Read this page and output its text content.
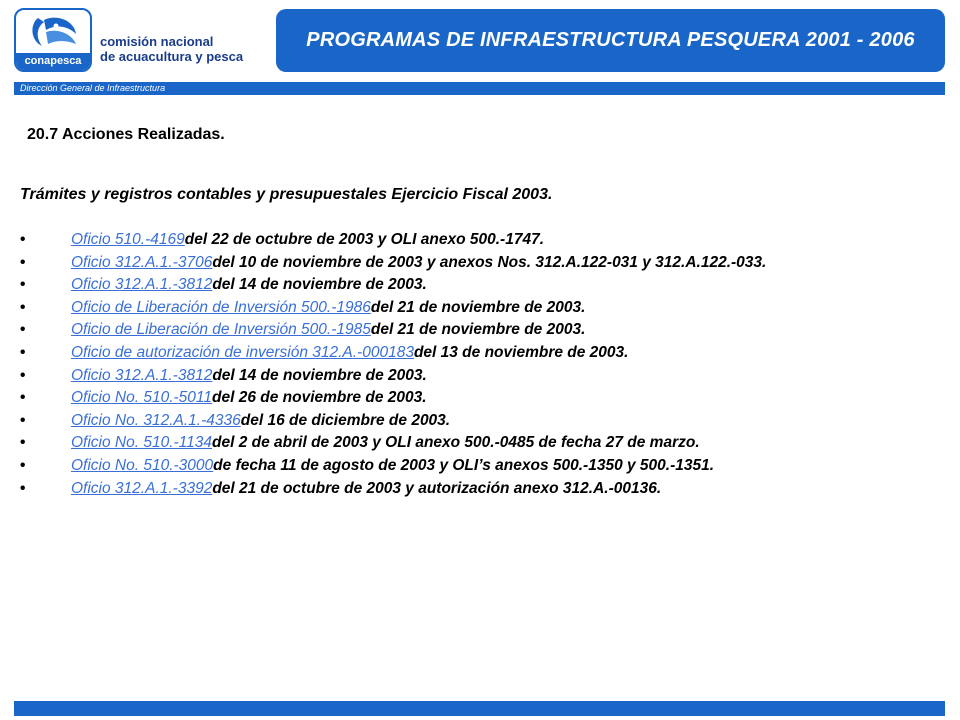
conapesca
comisión nacional
de acuacultura y pesca
PROGRAMAS DE INFRAESTRUCTURA PESQUERA 2001 - 2006
Dirección General de Infraestructura
20.7 Acciones Realizadas.
Trámites y registros contables y presupuestales Ejercicio Fiscal 2003.
•	Oficio 510.-4169 del 22 de octubre de 2003 y OLI anexo 500.-1747.
•	Oficio 312.A.1.-3706 del 10 de noviembre de 2003 y anexos Nos. 312.A.122-031 y 312.A.122.-033.
•	Oficio 312.A.1.-3812 del 14 de noviembre de 2003.
•	Oficio de Liberación de Inversión 500.-1986 del 21 de noviembre de 2003.
•	Oficio de Liberación de Inversión 500.-1985 del 21 de noviembre de 2003.
•	Oficio de autorización de inversión 312.A.-000183 del 13 de noviembre de 2003.
•	Oficio 312.A.1.-3812 del 14 de noviembre de 2003.
•	Oficio No. 510.-5011 del 26 de noviembre de 2003.
•	Oficio No. 312.A.1.-4336 del 16 de diciembre de 2003.
•	Oficio No. 510.-1134 del 2 de abril de 2003 y OLI anexo 500.-0485 de fecha 27 de marzo.
•	Oficio No. 510.-3000 de fecha 11 de agosto de 2003 y OLI’s anexos 500.-1350 y 500.-1351.
•	Oficio 312.A.1.-3392 del 21 de octubre de 2003 y autorización anexo 312.A.-00136.
